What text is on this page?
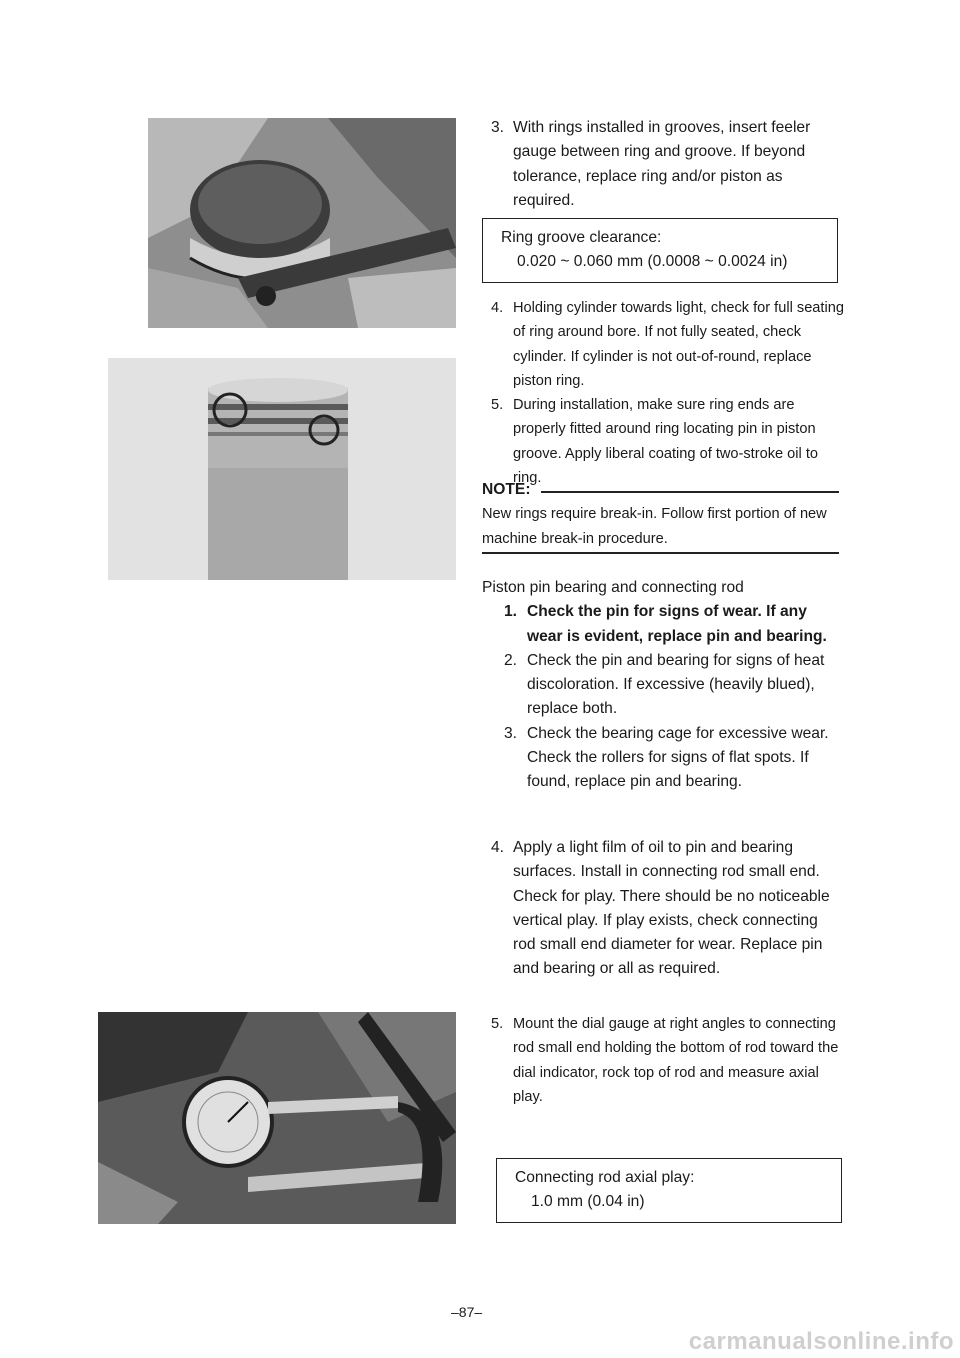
3. With rings installed in grooves, insert feeler gauge between ring and groove. If beyond tolerance, replace ring and/or piston as required.
Ring groove clearance:
0.020 ~ 0.060 mm (0.0008 ~ 0.0024 in)
4. Holding cylinder towards light, check for full seating of ring around bore. If not fully seated, check cylinder. If cylinder is not out-of-round, replace piston ring.
5. During installation, make sure ring ends are properly fitted around ring locating pin in piston groove. Apply liberal coating of two-stroke oil to ring.
NOTE:
New rings require break-in. Follow first portion of new machine break-in procedure.
Piston pin bearing and connecting rod
1. Check the pin for signs of wear. If any wear is evident, replace pin and bearing.
2. Check the pin and bearing for signs of heat discoloration. If excessive (heavily blued), replace both.
3. Check the bearing cage for excessive wear. Check the rollers for signs of flat spots. If found, replace pin and bearing.
4. Apply a light film of oil to pin and bearing surfaces. Install in connecting rod small end. Check for play. There should be no noticeable vertical play. If play exists, check connecting rod small end diameter for wear. Replace pin and bearing or all as required.
5. Mount the dial gauge at right angles to connecting rod small end holding the bottom of rod toward the dial indicator, rock top of rod and measure axial play.
Connecting rod axial play:
1.0 mm (0.04 in)
–87–
carmanualsonline.info
